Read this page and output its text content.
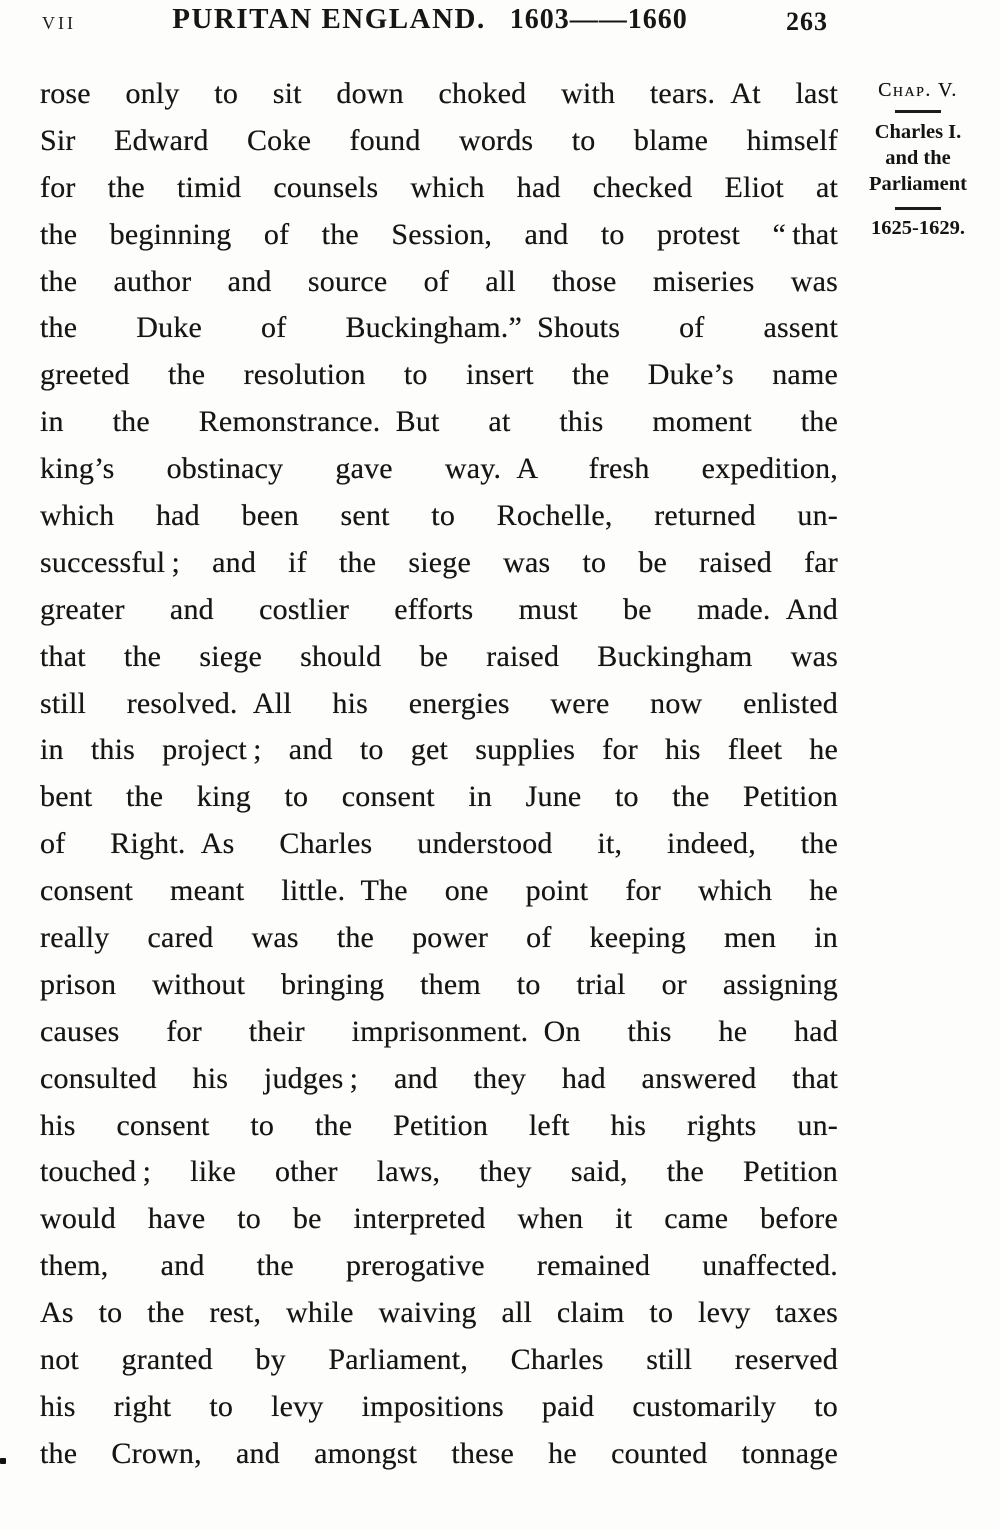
VII	PURITAN ENGLAND. 1603——1660	263
rose only to sit down choked with tears. At last
Sir Edward Coke found words to blame himself
for the timid counsels which had checked Eliot at
the beginning of the Session, and to protest “ that
the author and source of all those miseries was
the Duke of Buckingham.” Shouts of assent
greeted the resolution to insert the Duke’s name
in the Remonstrance. But at this moment the
king’s obstinacy gave way. A fresh expedition,
which had been sent to Rochelle, returned un-
successful ; and if the siege was to be raised far
greater and costlier efforts must be made. And
that the siege should be raised Buckingham was
still resolved. All his energies were now enlisted
in this project ; and to get supplies for his fleet he
bent the king to consent in June to the Petition
of Right. As Charles understood it, indeed, the
consent meant little. The one point for which he
really cared was the power of keeping men in
prison without bringing them to trial or assigning
causes for their imprisonment. On this he had
consulted his judges ; and they had answered that
his consent to the Petition left his rights un-
touched ; like other laws, they said, the Petition
would have to be interpreted when it came before
them, and the prerogative remained unaffected.
As to the rest, while waiving all claim to levy taxes
not granted by Parliament, Charles still reserved
his right to levy impositions paid customarily to
the Crown, and amongst these he counted tonnage
Chap. V.
Charles I.
and the
Parliament
1625-1629.
